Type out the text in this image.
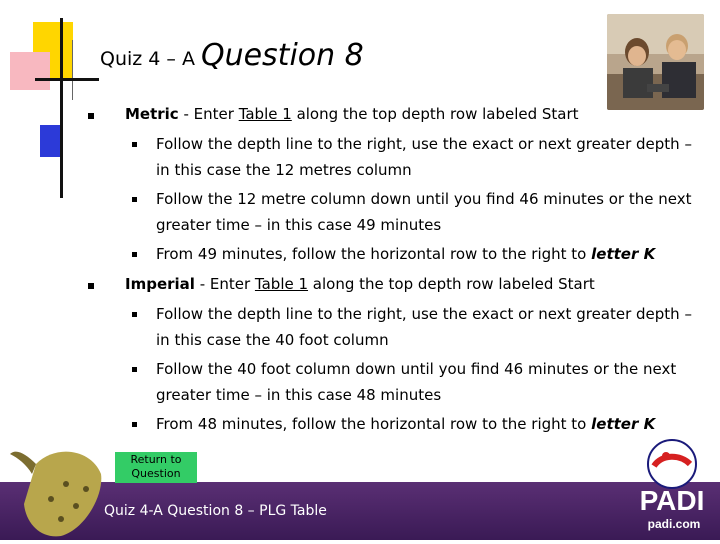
Quiz 4 – A Question 8
Metric - Enter Table 1 along the top depth row labeled Start
Follow the depth line to the right, use the exact or next greater depth –
in this case the 12 metres column
Follow the 12 metre column down until you find 46 minutes or the next
greater time – in this case 49 minutes
From 49 minutes, follow the horizontal row to the right to letter K
Imperial - Enter Table 1 along the top depth row labeled Start
Follow the depth line to the right, use the exact or next greater depth –
in this case the 40 foot column
Follow the 40 foot column down until you find 46 minutes or the next
greater time – in this case 48 minutes
From 48 minutes, follow the horizontal row to the right to letter K
Return to
Question
Quiz 4-A Question 8 – PLG Table	PADI
padi.com
